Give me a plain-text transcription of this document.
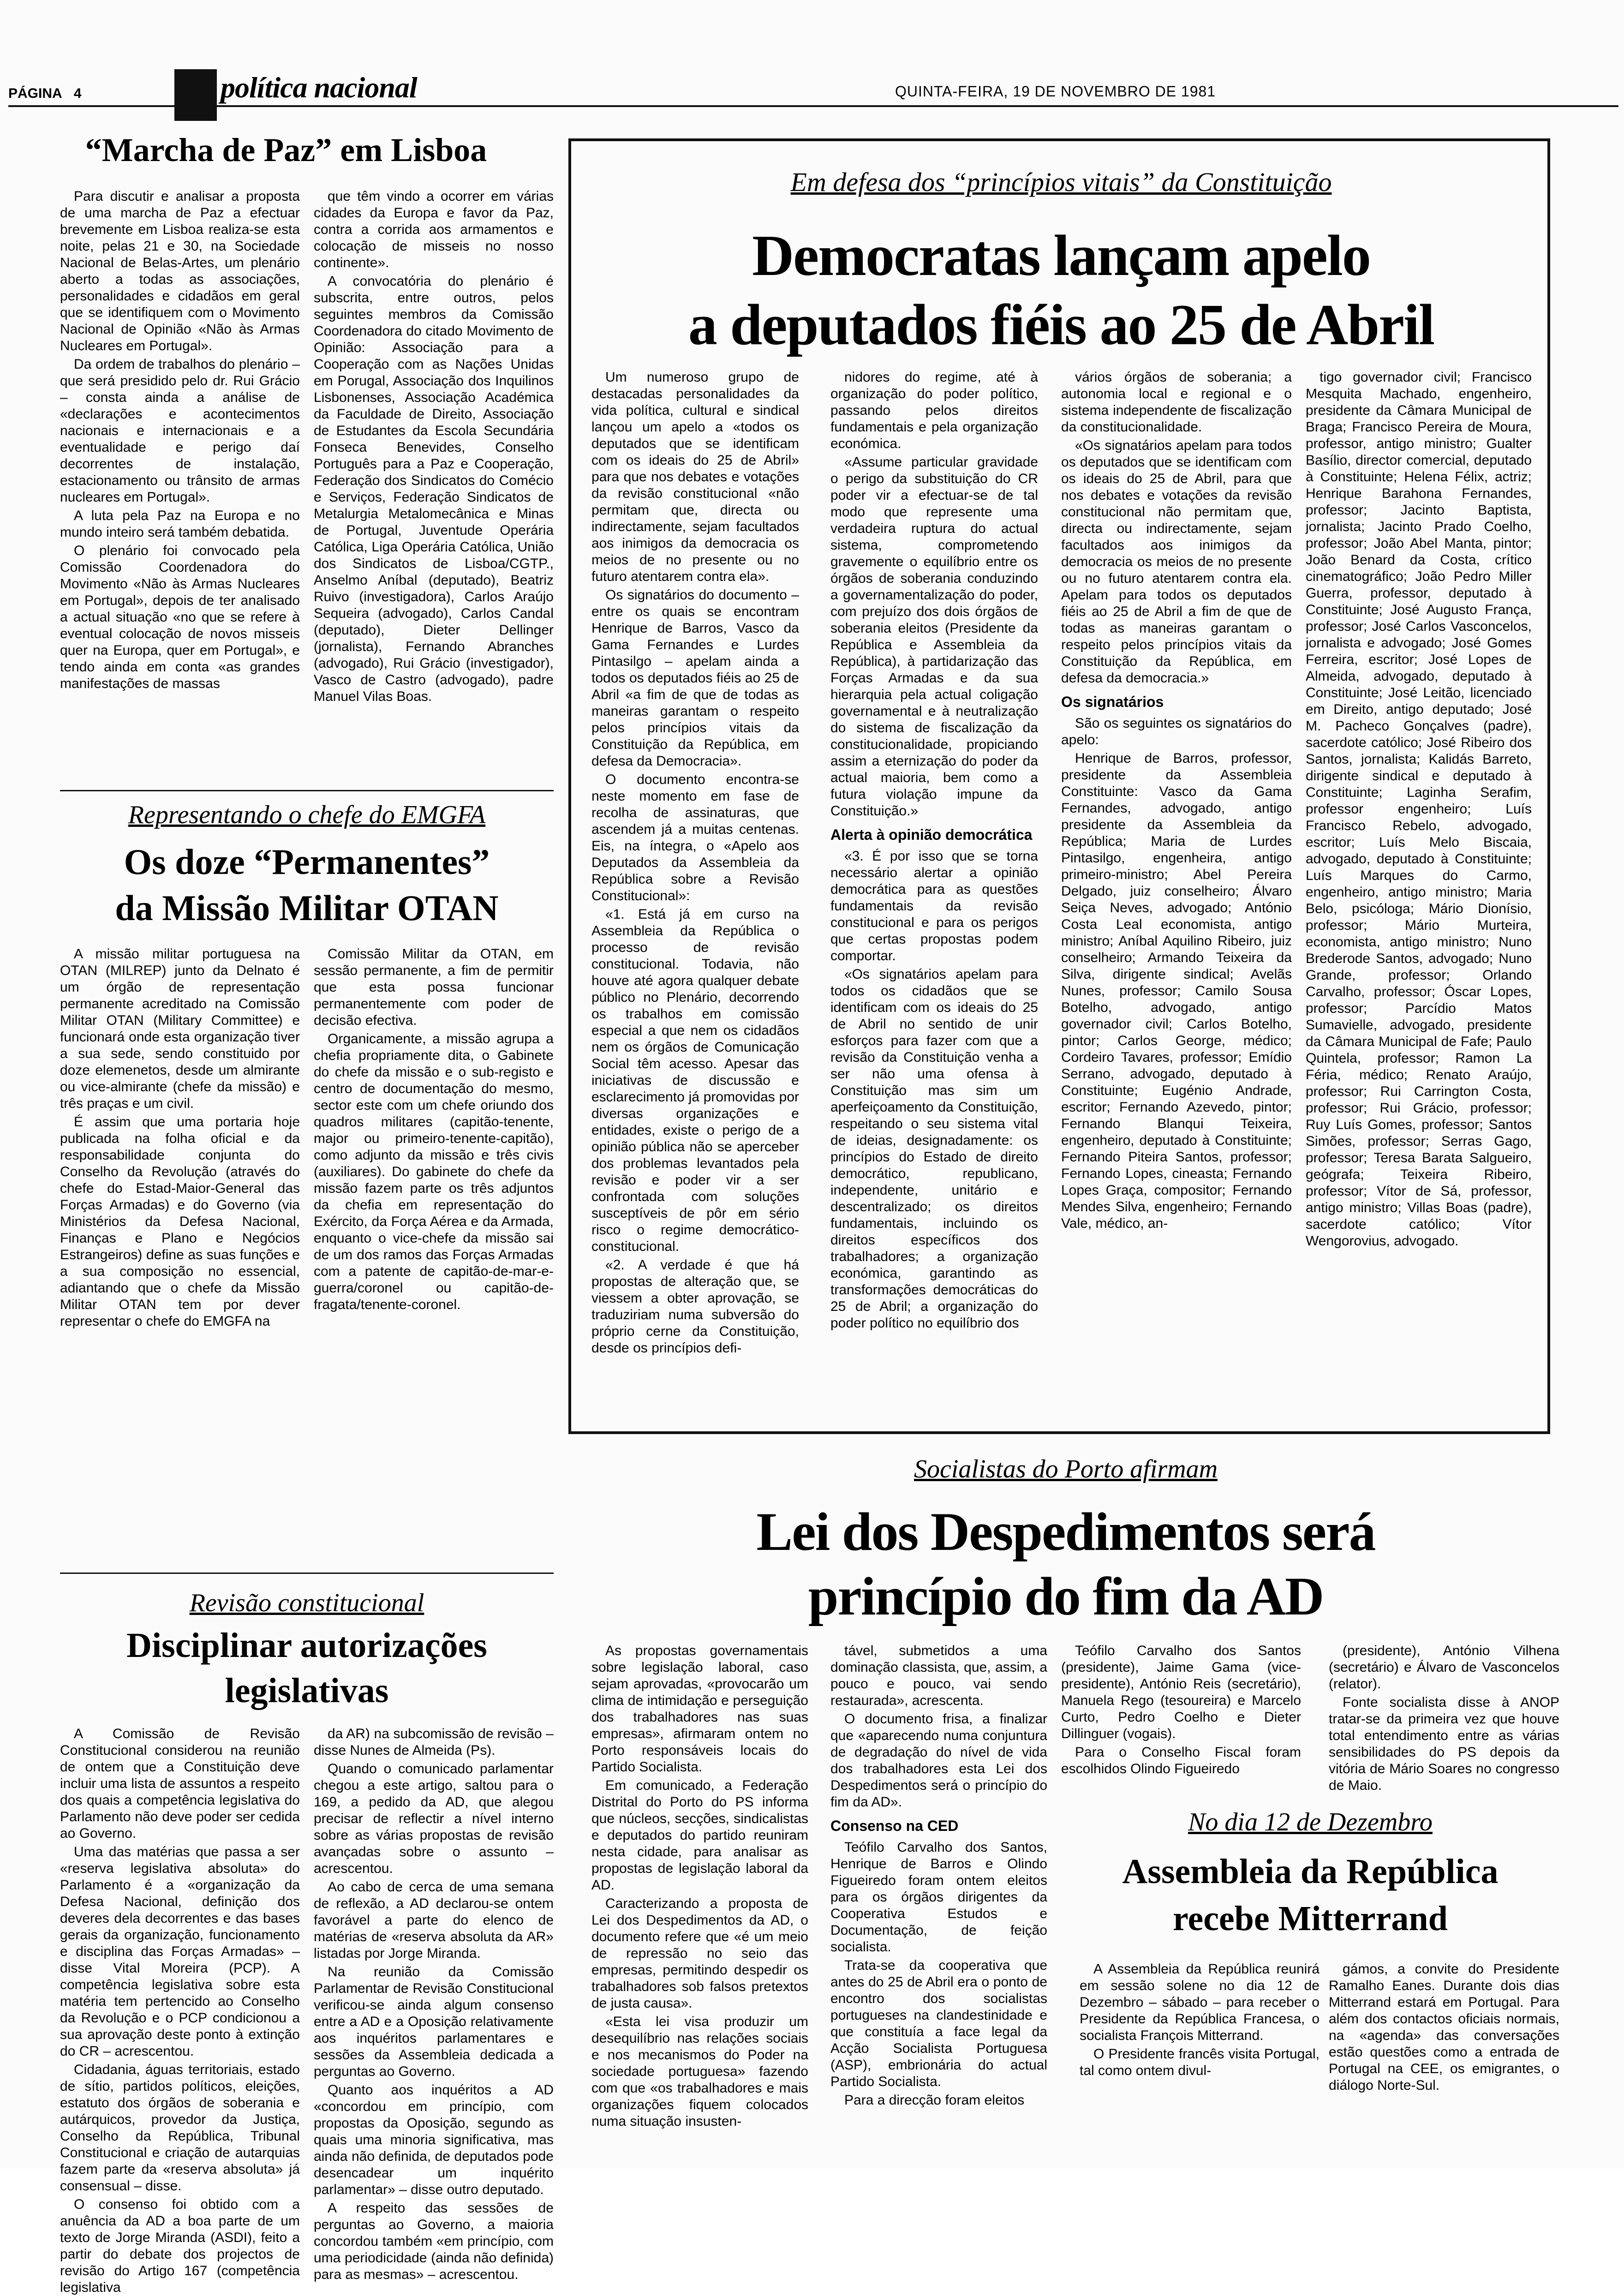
PÁGINA 4	política nacional	QUINTA-FEIRA, 19 DE NOVEMBRO DE 1981
“Marcha de Paz” em Lisboa

Para discutir e analisar a proposta de uma marcha de Paz a efectuar brevemente em Lisboa realiza-se esta noite, pelas 21 e 30, na Sociedade Nacional de Belas-Artes, um plenário aberto a todas as associações, personalidades e cidadãos em geral que se identifiquem com o Movimento Nacional de Opinião «Não às Armas Nucleares em Portugal».

Da ordem de trabalhos do plenário – que será presidido pelo dr. Rui Grácio – consta ainda a análise de «declarações e acontecimentos nacionais e internacionais e a eventualidade e perigo daí decorrentes de instalação, estacionamento ou trânsito de armas nucleares em Portugal».

A luta pela Paz na Europa e no mundo inteiro será também debatida.

O plenário foi convocado pela Comissão Coordenadora do Movimento «Não às Armas Nucleares em Portugal», depois de ter analisado a actual situação «no que se refere à eventual colocação de novos misseis quer na Europa, quer em Portugal», e tendo ainda em conta «as grandes manifestações de massas

que têm vindo a ocorrer em várias cidades da Europa e favor da Paz, contra a corrida aos armamentos e colocação de misseis no nosso continente».

A convocatória do plenário é subscrita, entre outros, pelos seguintes membros da Comissão Coordenadora do citado Movimento de Opinião: Associação para a Cooperação com as Nações Unidas em Porugal, Associação dos Inquilinos Lisbonenses, Associação Académica da Faculdade de Direito, Associação de Estudantes da Escola Secundária Fonseca Benevides, Conselho Português para a Paz e Cooperação, Federação dos Sindicatos do Comécio e Serviços, Federação Sindicatos de Metalurgia Metalomecânica e Minas de Portugal, Juventude Operária Católica, Liga Operária Católica, União dos Sindicatos de Lisboa/CGTP., Anselmo Aníbal (deputado), Beatriz Ruivo (investigadora), Carlos Araújo Sequeira (advogado), Carlos Candal (deputado), Dieter Dellinger (jornalista), Fernando Abranches (advogado), Rui Grácio (investigador), Vasco de Castro (advogado), padre Manuel Vilas Boas.

Representando o chefe do EMGFA
Os doze “Permanentes”
da Missão Militar OTAN

A missão militar portuguesa na OTAN (MILREP) junto da Delnato é um órgão de representação permanente acreditado na Comissão Militar OTAN (Military Committee) e funcionará onde esta organização tiver a sua sede, sendo constituido por doze elemenetos, desde um almirante ou vice-almirante (chefe da missão) e três praças e um civil.

É assim que uma portaria hoje publicada na folha oficial e da responsabilidade conjunta do Conselho da Revolução (através do chefe do Estad-Maior-General das Forças Armadas) e do Governo (via Ministérios da Defesa Nacional, Finanças e Plano e Negócios Estrangeiros) define as suas funções e a sua composição no essencial, adiantando que o chefe da Missão Militar OTAN tem por dever representar o chefe do EMGFA na

Comissão Militar da OTAN, em sessão permanente, a fim de permitir que esta possa funcionar permanentemente com poder de decisão efectiva.

Organicamente, a missão agrupa a chefia propriamente dita, o Gabinete do chefe da missão e o sub-registo e centro de documentação do mesmo, sector este com um chefe oriundo dos quadros militares (capitão-tenente, major ou primeiro-tenente-capitão), como adjunto da missão e três civis (auxiliares). Do gabinete do chefe da missão fazem parte os três adjuntos da chefia em representação do Exército, da Força Aérea e da Armada, enquanto o vice-chefe da missão sai de um dos ramos das Forças Armadas com a patente de capitão-de-mar-e-guerra/coronel ou capitão-de-fragata/tenente-coronel.

Revisão constitucional
Disciplinar autorizações
legislativas

A Comissão de Revisão Constitucional considerou na reunião de ontem que a Constituição deve incluir uma lista de assuntos a respeito dos quais a competência legislativa do Parlamento não deve poder ser cedida ao Governo.

Uma das matérias que passa a ser «reserva legislativa absoluta» do Parlamento é a «organização da Defesa Nacional, definição dos deveres dela decorrentes e das bases gerais da organização, funcionamento e disciplina das Forças Armadas» – disse Vital Moreira (PCP). A competência legislativa sobre esta matéria tem pertencido ao Conselho da Revolução e o PCP condicionou a sua aprovação deste ponto à extinção do CR – acrescentou.

Cidadania, águas territoriais, estado de sítio, partidos políticos, eleições, estatuto dos órgãos de soberania e autárquicos, provedor da Justiça, Conselho da República, Tribunal Constitucional e criação de autarquias fazem parte da «reserva absoluta» já consensual – disse.

O consenso foi obtido com a anuência da AD a boa parte de um texto de Jorge Miranda (ASDI), feito a partir do debate dos projectos de revisão do Artigo 167 (competência legislativa

da AR) na subcomissão de revisão – disse Nunes de Almeida (Ps).

Quando o comunicado parlamentar chegou a este artigo, saltou para o 169, a pedido da AD, que alegou precisar de reflectir a nível interno sobre as várias propostas de revisão avançadas sobre o assunto – acrescentou.

Ao cabo de cerca de uma semana de reflexão, a AD declarou-se ontem favorável a parte do elenco de matérias de «reserva absoluta da AR» listadas por Jorge Miranda.

Na reunião da Comissão Parlamentar de Revisão Constitucional verificou-se ainda algum consenso entre a AD e a Oposição relativamente aos inquéritos parlamentares e sessões da Assembleia dedicada a perguntas ao Governo.

Quanto aos inquéritos a AD «concordou em princípio, com propostas da Oposição, segundo as quais uma minoria significativa, mas ainda não definida, de deputados pode desencadear um inquérito parlamentar» – disse outro deputado.

A respeito das sessões de perguntas ao Governo, a maioria concordou também «em princípio, com uma periodicidade (ainda não definida) para as mesmas» – acrescentou.

Em defesa dos “princípios vitais” da Constituição
Democratas lançam apelo
a deputados fiéis ao 25 de Abril

Um numeroso grupo de destacadas personalidades da vida política, cultural e sindical lançou um apelo a «todos os deputados que se identificam com os ideais do 25 de Abril» para que nos debates e votações da revisão constitucional «não permitam que, directa ou indirectamente, sejam facultados aos inimigos da democracia os meios de no presente ou no futuro atentarem contra ela».

Os signatários do documento – entre os quais se encontram Henrique de Barros, Vasco da Gama Fernandes e Lurdes Pintasilgo – apelam ainda a todos os deputados fiéis ao 25 de Abril «a fim de que de todas as maneiras garantam o respeito pelos princípios vitais da Constituição da República, em defesa da Democracia».

O documento encontra-se neste momento em fase de recolha de assinaturas, que ascendem já a muitas centenas. Eis, na íntegra, o «Apelo aos Deputados da Assembleia da República sobre a Revisão Constitucional»:

«1. Está já em curso na Assembleia da República o processo de revisão constitucional. Todavia, não houve até agora qualquer debate público no Plenário, decorrendo os trabalhos em comissão especial a que nem os cidadãos nem os órgãos de Comunicação Social têm acesso. Apesar das iniciativas de discussão e esclarecimento já promovidas por diversas organizações e entidades, existe o perigo de a opinião pública não se aperceber dos problemas levantados pela revisão e poder vir a ser confrontada com soluções susceptíveis de pôr em sério risco o regime democrático-constitucional.

«2. A verdade é que há propostas de alteração que, se viessem a obter aprovação, se traduziriam numa subversão do próprio cerne da Constituição, desde os princípios defi-

nidores do regime, até à organização do poder político, passando pelos direitos fundamentais e pela organização económica.

«Assume particular gravidade o perigo da substituição do CR poder vir a efectuar-se de tal modo que represente uma verdadeira ruptura do actual sistema, comprometendo gravemente o equilíbrio entre os órgãos de soberania conduzindo a governamentalização do poder, com prejuízo dos dois órgãos de soberania eleitos (Presidente da República e Assembleia da República), à partidarização das Forças Armadas e da sua hierarquia pela actual coligação governamental e à neutralização do sistema de fiscalização da constitucionalidade, propiciando assim a eternização do poder da actual maioria, bem como a futura violação impune da Constituição.»

Alerta à opinião democrática

«3. É por isso que se torna necessário alertar a opinião democrática para as questões fundamentais da revisão constitucional e para os perigos que certas propostas podem comportar.

«Os signatários apelam para todos os cidadãos que se identificam com os ideais do 25 de Abril no sentido de unir esforços para fazer com que a revisão da Constituição venha a ser não uma ofensa à Constituição mas sim um aperfeiçoamento da Constituição, respeitando o seu sistema vital de ideias, designadamente: os princípios do Estado de direito democrático, republicano, independente, unitário e descentralizado; os direitos fundamentais, incluindo os direitos específicos dos trabalhadores; a organização económica, garantindo as transformações democráticas do 25 de Abril; a organização do poder político no equilíbrio dos

vários órgãos de soberania; a autonomia local e regional e o sistema independente de fiscalização da constitucionalidade.

«Os signatários apelam para todos os deputados que se identificam com os ideais do 25 de Abril, para que nos debates e votações da revisão constitucional não permitam que, directa ou indirectamente, sejam facultados aos inimigos da democracia os meios de no presente ou no futuro atentarem contra ela. Apelam para todos os deputados fiéis ao 25 de Abril a fim de que de todas as maneiras garantam o respeito pelos princípios vitais da Constituição da República, em defesa da democracia.»

Os signatários

São os seguintes os signatários do apelo:

Henrique de Barros, professor, presidente da Assembleia Constituinte: Vasco da Gama Fernandes, advogado, antigo presidente da Assembleia da República; Maria de Lurdes Pintasilgo, engenheira, antigo primeiro-ministro; Abel Pereira Delgado, juiz conselheiro; Álvaro Seiça Neves, advogado; António Costa Leal economista, antigo ministro; Aníbal Aquilino Ribeiro, juiz conselheiro; Armando Teixeira da Silva, dirigente sindical; Avelãs Nunes, professor; Camilo Sousa Botelho, advogado, antigo governador civil; Carlos Botelho, pintor; Carlos George, médico; Cordeiro Tavares, professor; Emídio Serrano, advogado, deputado à Constituinte; Eugénio Andrade, escritor; Fernando Azevedo, pintor; Fernando Blanqui Teixeira, engenheiro, deputado à Constituinte; Fernando Piteira Santos, professor; Fernando Lopes, cineasta; Fernando Lopes Graça, compositor; Fernando Mendes Silva, engenheiro; Fernando Vale, médico, an-

tigo governador civil; Francisco Mesquita Machado, engenheiro, presidente da Câmara Municipal de Braga; Francisco Pereira de Moura, professor, antigo ministro; Gualter Basílio, director comercial, deputado à Constituinte; Helena Félix, actriz; Henrique Barahona Fernandes, professor; Jacinto Baptista, jornalista; Jacinto Prado Coelho, professor; João Abel Manta, pintor; João Benard da Costa, crítico cinematográfico; João Pedro Miller Guerra, professor, deputado à Constituinte; José Augusto França, professor; José Carlos Vasconcelos, jornalista e advogado; José Gomes Ferreira, escritor; José Lopes de Almeida, advogado, deputado à Constituinte; José Leitão, licenciado em Direito, antigo deputado; José M. Pacheco Gonçalves (padre), sacerdote católico; José Ribeiro dos Santos, jornalista; Kalidás Barreto, dirigente sindical e deputado à Constituinte; Laginha Serafim, professor engenheiro; Luís Francisco Rebelo, advogado, escritor; Luís Melo Biscaia, advogado, deputado à Constituinte; Luís Marques do Carmo, engenheiro, antigo ministro; Maria Belo, psicóloga; Mário Dionísio, professor; Mário Murteira, economista, antigo ministro; Nuno Brederode Santos, advogado; Nuno Grande, professor; Orlando Carvalho, professor; Óscar Lopes, professor; Parcídio Matos Sumavielle, advogado, presidente da Câmara Municipal de Fafe; Paulo Quintela, professor; Ramon La Féria, médico; Renato Araújo, professor; Rui Carrington Costa, professor; Rui Grácio, professor; Ruy Luís Gomes, professor; Santos Simões, professor; Serras Gago, professor; Teresa Barata Salgueiro, geógrafa; Teixeira Ribeiro, professor; Vítor de Sá, professor, antigo ministro; Villas Boas (padre), sacerdote católico; Vítor Wengorovius, advogado.

Socialistas do Porto afirmam
Lei dos Despedimentos será
princípio do fim da AD

As propostas governamentais sobre legislação laboral, caso sejam aprovadas, «provocarão um clima de intimidação e perseguição dos trabalhadores nas suas empresas», afirmaram ontem no Porto responsáveis locais do Partido Socialista.

Em comunicado, a Federação Distrital do Porto do PS informa que núcleos, secções, sindicalistas e deputados do partido reuniram nesta cidade, para analisar as propostas de legislação laboral da AD.

Caracterizando a proposta de Lei dos Despedimentos da AD, o documento refere que «é um meio de repressão no seio das empresas, permitindo despedir os trabalhadores sob falsos pretextos de justa causa».

«Esta lei visa produzir um desequilíbrio nas relações sociais e nos mecanismos do Poder na sociedade portuguesa» fazendo com que «os trabalhadores e mais organizações fiquem colocados numa situação insusten-

tável, submetidos a uma dominação classista, que, assim, a pouco e pouco, vai sendo restaurada», acrescenta.

O documento frisa, a finalizar que «aparecendo numa conjuntura de degradação do nível de vida dos trabalhadores esta Lei dos Despedimentos será o princípio do fim da AD».

Consenso na CED

Teófilo Carvalho dos Santos, Henrique de Barros e Olindo Figueiredo foram ontem eleitos para os órgãos dirigentes da Cooperativa Estudos e Documentação, de feição socialista.

Trata-se da cooperativa que antes do 25 de Abril era o ponto de encontro dos socialistas portugueses na clandestinidade e que constituía a face legal da Acção Socialista Portuguesa (ASP), embrionária do actual Partido Socialista.

Para a direcção foram eleitos

Teófilo Carvalho dos Santos (presidente), Jaime Gama (vice-presidente), António Reis (secretário), Manuela Rego (tesoureira) e Marcelo Curto, Pedro Coelho e Dieter Dillinguer (vogais).

Para o Conselho Fiscal foram escolhidos Olindo Figueiredo

(presidente), António Vilhena (secretário) e Álvaro de Vasconcelos (relator).

Fonte socialista disse à ANOP tratar-se da primeira vez que houve total entendimento entre as várias sensibilidades do PS depois da vitória de Mário Soares no congresso de Maio.

No dia 12 de Dezembro
Assembleia da República
recebe Mitterrand

A Assembleia da República reunirá em sessão solene no dia 12 de Dezembro – sábado – para receber o Presidente da República Francesa, o socialista François Mitterrand.

O Presidente francês visita Portugal, tal como ontem divul-

gámos, a convite do Presidente Ramalho Eanes. Durante dois dias Mitterrand estará em Portugal. Para além dos contactos oficiais normais, na «agenda» das conversações estão questões como a entrada de Portugal na CEE, os emigrantes, o diálogo Norte-Sul.
